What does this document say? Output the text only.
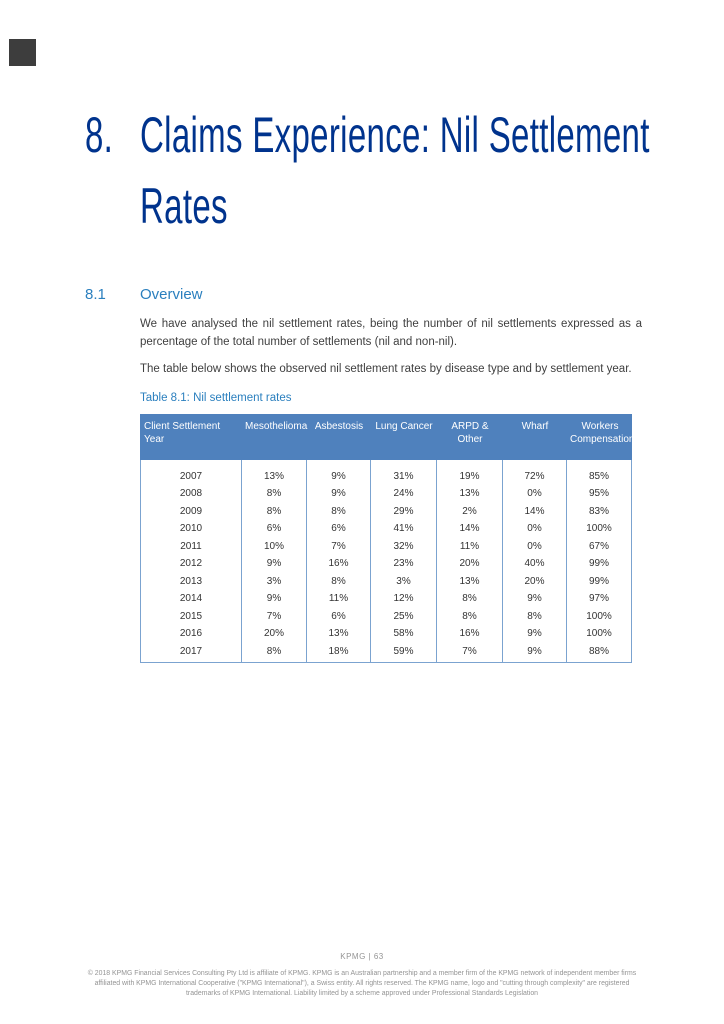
8. Claims Experience: Nil Settlement
Rates
8.1	Overview

We have analysed the nil settlement rates, being the number of nil settlements expressed as a percentage of the total number of settlements (nil and non-nil).

The table below shows the observed nil settlement rates by disease type and by settlement year.

Table 8.1: Nil settlement rates
Client Settlement Year	Mesothelioma	Asbestosis	Lung Cancer	ARPD & Other	Wharf	Workers Compensation
2007	13%	9%	31%	19%	72%	85%
2008	8%	9%	24%	13%	0%	95%
2009	8%	8%	29%	2%	14%	83%
2010	6%	6%	41%	14%	0%	100%
2011	10%	7%	32%	11%	0%	67%
2012	9%	16%	23%	20%	40%	99%
2013	3%	8%	3%	13%	20%	99%
2014	9%	11%	12%	8%	9%	97%
2015	7%	6%	25%	8%	8%	100%
2016	20%	13%	58%	16%	9%	100%
2017	8%	18%	59%	7%	9%	88%
KPMG | 63
© 2018 KPMG Financial Services Consulting Pty Ltd is affiliate of KPMG. KPMG is an Australian partnership and a member firm of the KPMG network of independent member firms
affiliated with KPMG International Cooperative ("KPMG International"), a Swiss entity. All rights reserved. The KPMG name, logo and "cutting through complexity" are registered
trademarks of KPMG International. Liability limited by a scheme approved under Professional Standards Legislation
